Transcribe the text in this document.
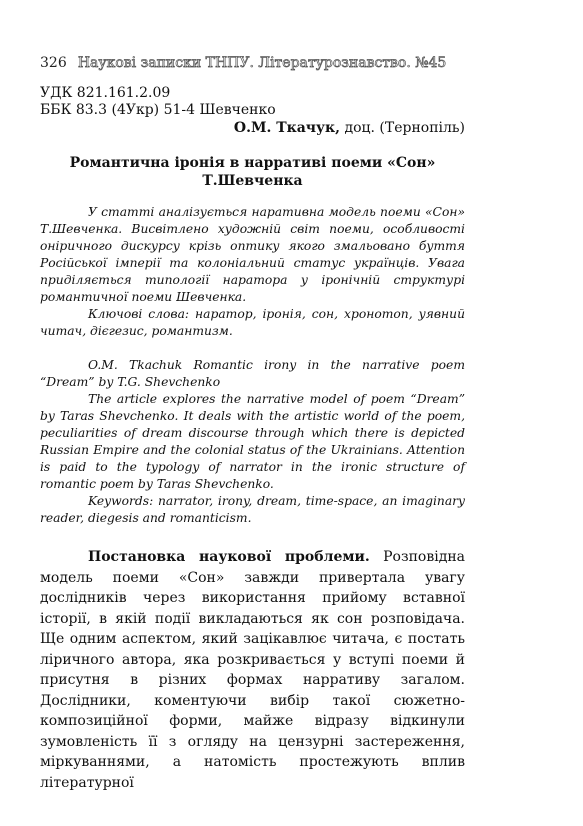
326 Наукові записки ТНПУ. Літературознавство. №45
УДК 821.161.2.09
ББК 83.3 (4Укр) 51-4 Шевченко
О.М. Ткачук, доц. (Тернопіль)
Романтична іронія в нарративі поеми «Сон» Т.Шевченка

У статті аналізується наративна модель поеми «Сон» Т.Шевченка. Висвітлено художній світ поеми, особливості онiричного дискурсу крізь оптику якого змальовано буття Російської імперії та колоніальний статус українців. Увага приділяється типології наратора у іронічній структурі романтичної поеми Шевченка.

Ключові слова: наратор, іронія, сон, хронотоп, уявний читач, дієгезис, романтизм.

O.M. Tkachuk Romantic irony in the narrative poem “Dream” by T.G. Shevchenko

The article explores the narrative model of poem “Dream” by Taras Shevchenko. It deals with the artistic world of the poem, peculiarities of dream discourse through which there is depicted Russian Empire and the colonial status of the Ukrainians. Attention is paid to the typology of narrator in the ironic structure of romantic poem by Taras Shevchenko.

Keywords: narrator, irony, dream, time-space, an imaginary reader, diegesis and romanticism.

Постановка наукової проблеми. Розповідна модель поеми «Сон» завжди привертала увагу дослідників через використання прийому вставної історії, в якій події викладаються як сон розповідача. Ще одним аспектом, який зацікавлює читача, є постать ліричного автора, яка розкривається у вступі поеми й присутня в різних формах нарративу загалом. Дослідники, коментуючи вибір такої сюжетно-композиційної форми, майже відразу відкинули зумовленість її з огляду на цензурні застереження, міркуваннями, а натомість простежують вплив літературної
